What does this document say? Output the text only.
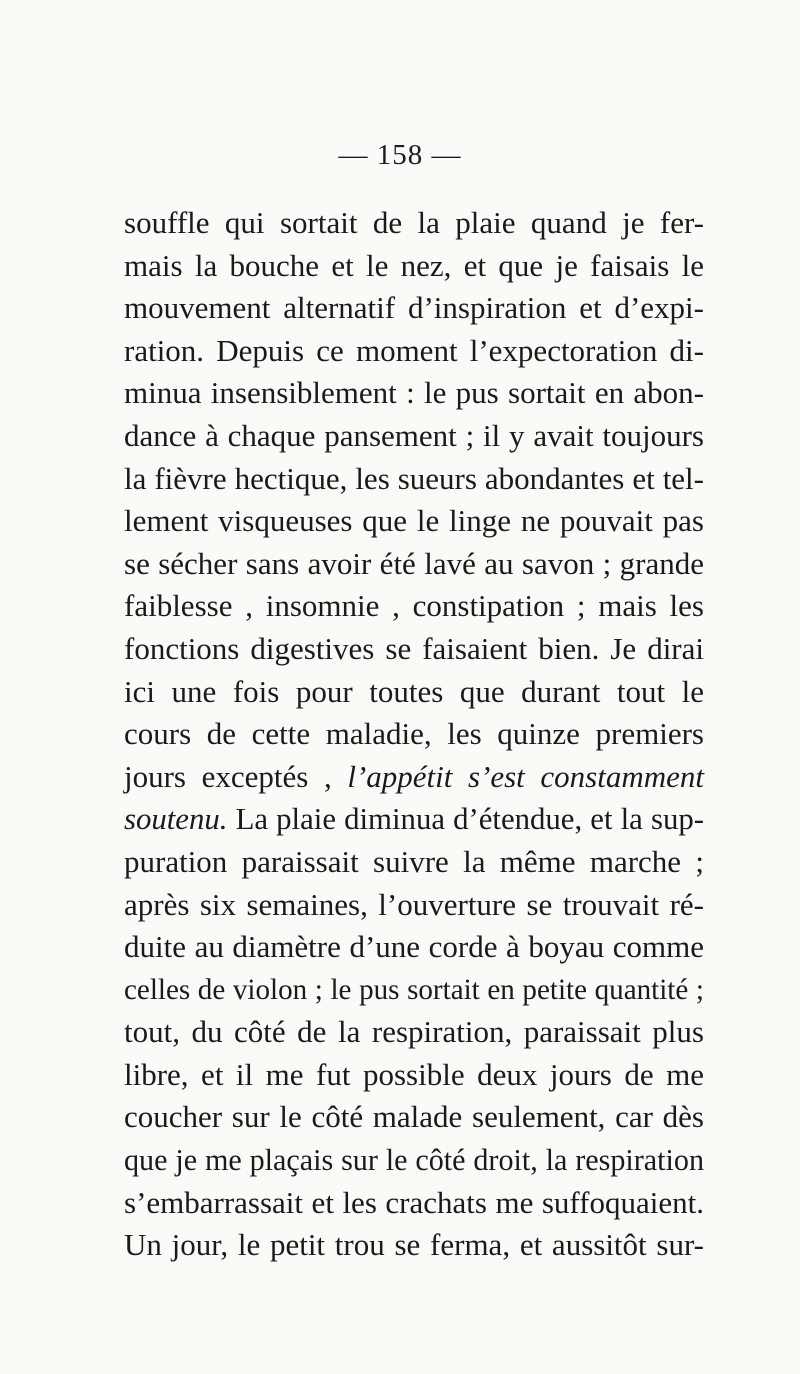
— 158 —
souffle qui sortait de la plaie quand je fer-
mais la bouche et le nez, et que je faisais le
mouvement alternatif d’inspiration et d’expi-
ration. Depuis ce moment l’expectoration di-
minua insensiblement : le pus sortait en abon-
dance à chaque pansement ; il y avait toujours
la fièvre hectique, les sueurs abondantes et tel-
lement visqueuses que le linge ne pouvait pas
se sécher sans avoir été lavé au savon ; grande
faiblesse , insomnie , constipation ; mais les
fonctions digestives se faisaient bien. Je dirai
ici une fois pour toutes que durant tout le
cours de cette maladie, les quinze premiers
jours exceptés , l’appétit s’est constamment
soutenu. La plaie diminua d’étendue, et la sup-
puration paraissait suivre la même marche ;
après six semaines, l’ouverture se trouvait ré-
duite au diamètre d’une corde à boyau comme
celles de violon ; le pus sortait en petite quantité ;
tout, du côté de la respiration, paraissait plus
libre, et il me fut possible deux jours de me
coucher sur le côté malade seulement, car dès
que je me plaçais sur le côté droit, la respiration
s’embarrassait et les crachats me suffoquaient.
Un jour, le petit trou se ferma, et aussitôt sur-
